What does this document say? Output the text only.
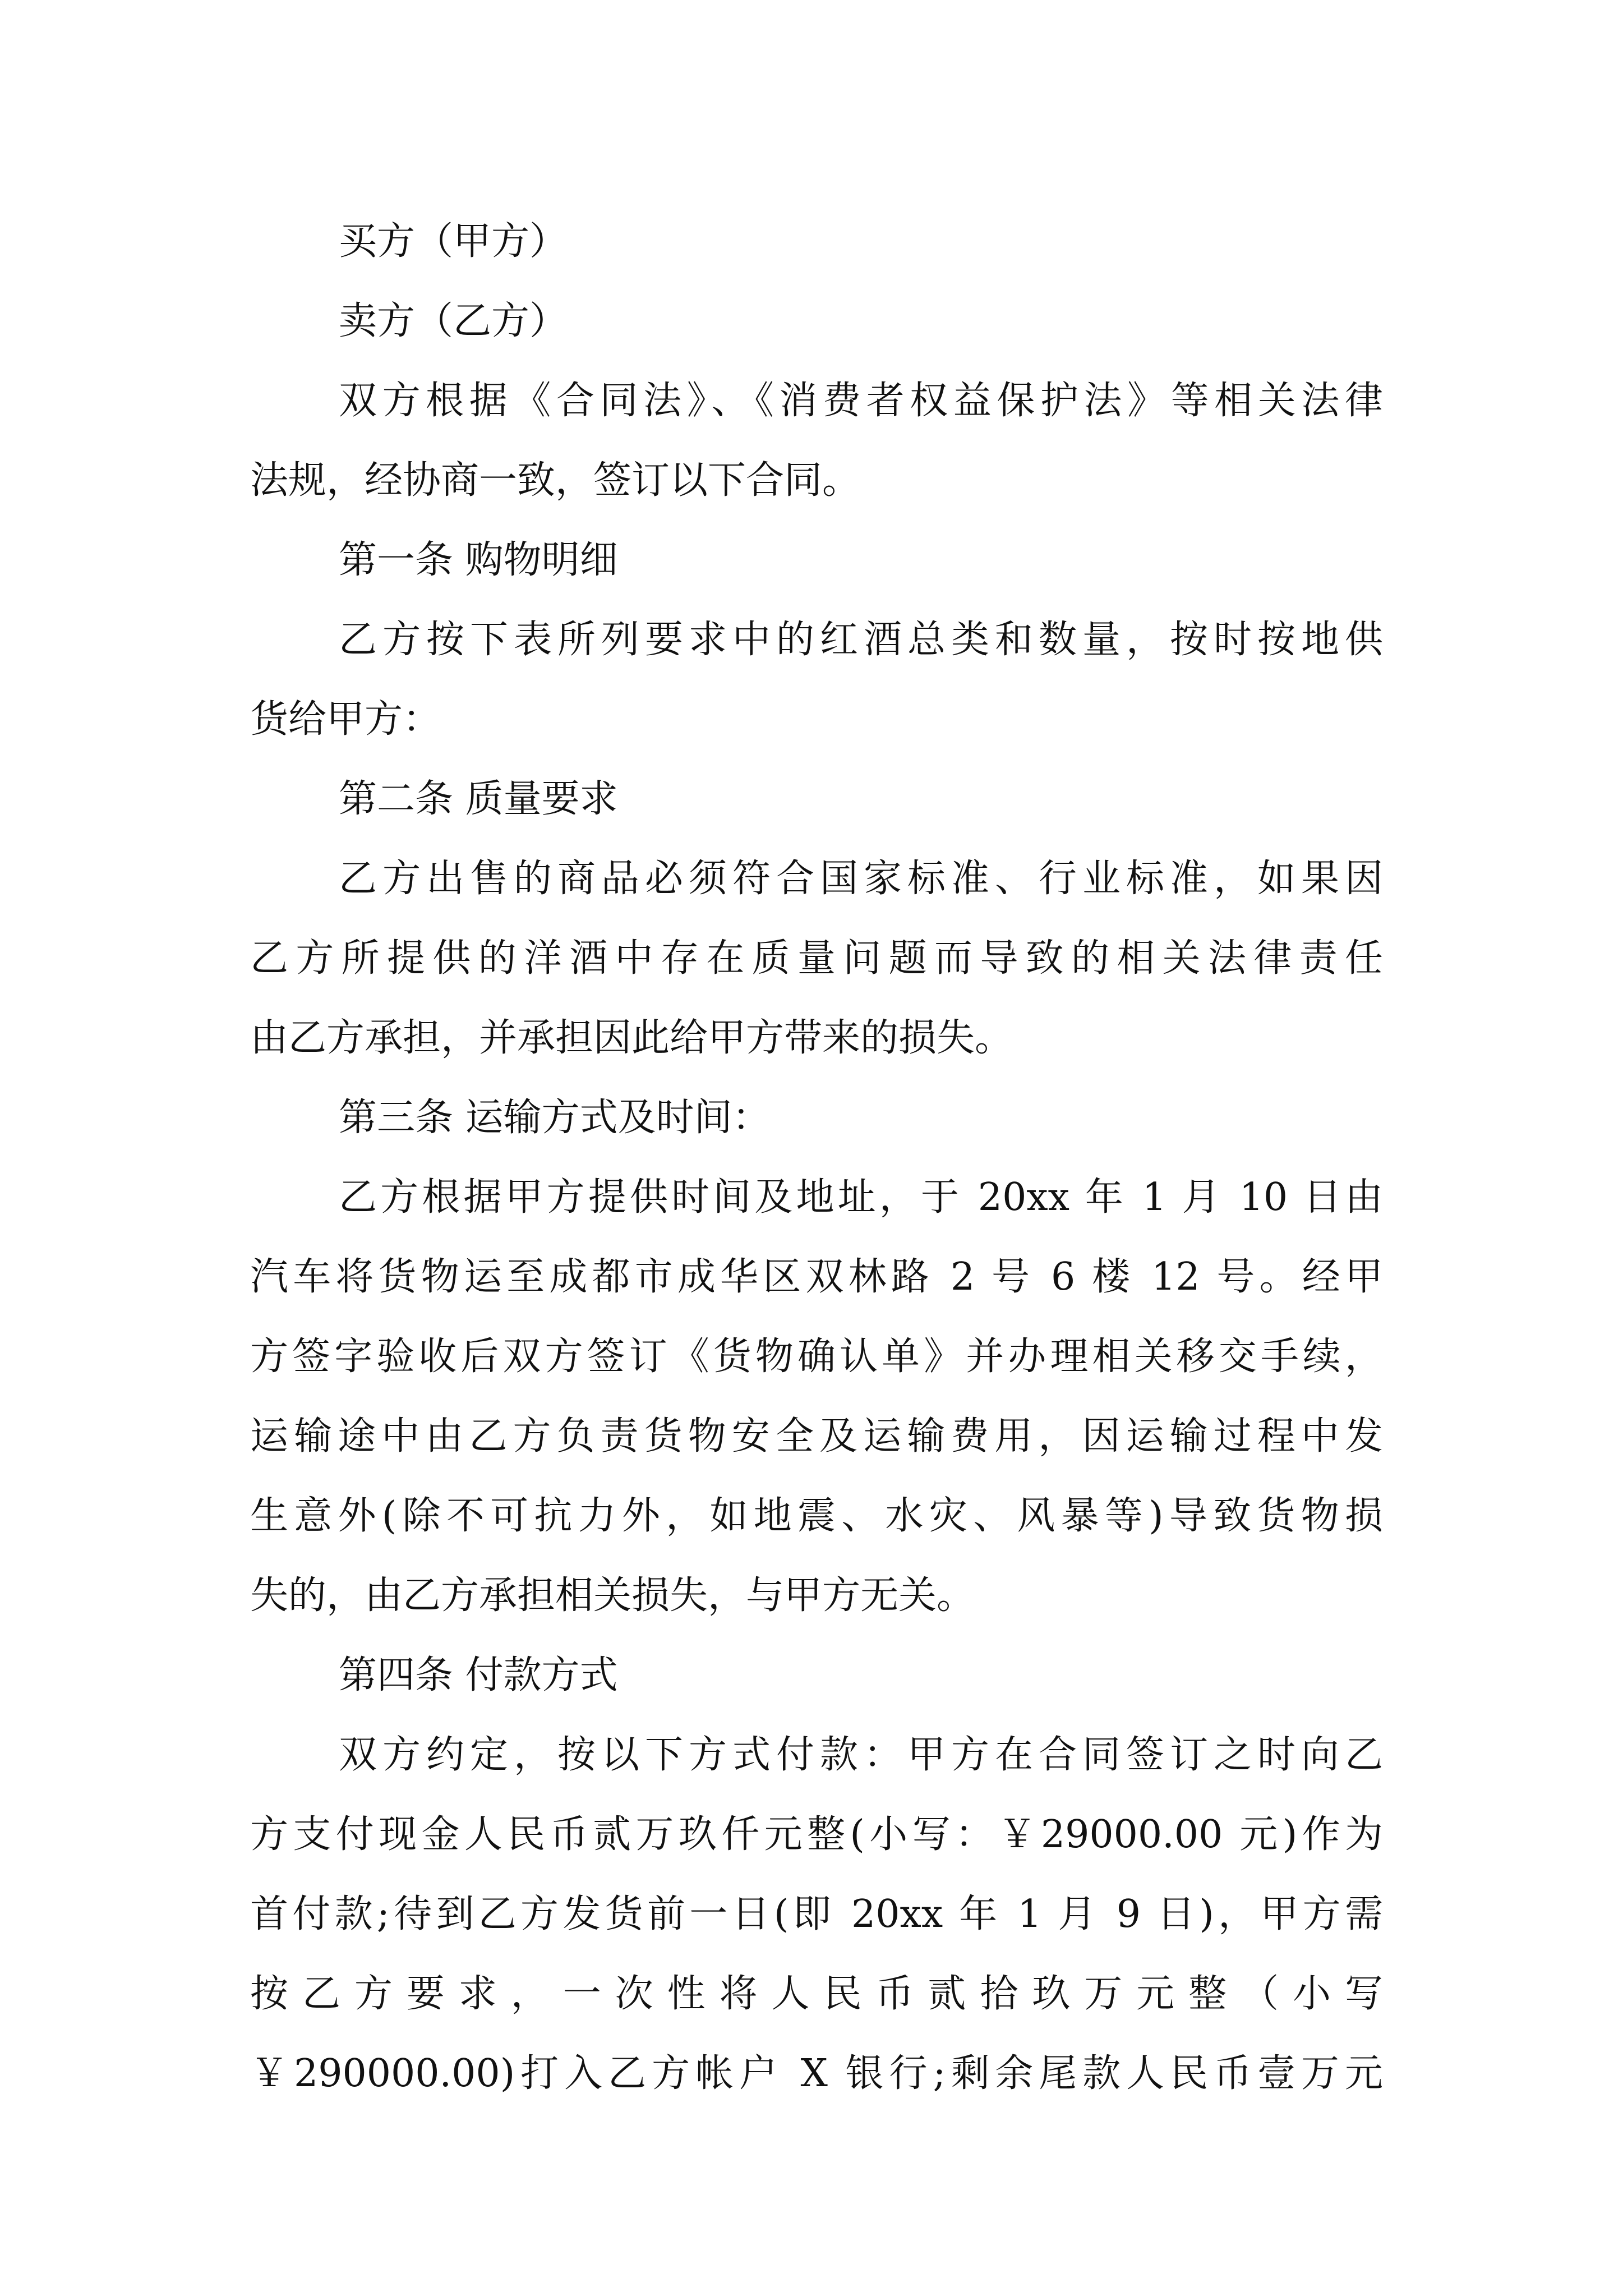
买方（甲方）
卖方（乙方）
双方根据《合同法》、《消费者权益保护法》等相关法律
法规，经协商一致，签订以下合同。
第一条 购物明细
乙方按下表所列要求中的红酒总类和数量，按时按地供
货给甲方：
第二条 质量要求
乙方出售的商品必须符合国家标准、行业标准，如果因
乙方所提供的洋酒中存在质量问题而导致的相关法律责任
由乙方承担，并承担因此给甲方带来的损失。
第三条 运输方式及时间：
乙方根据甲方提供时间及地址，于 20xx 年 1 月 10 日由
汽车将货物运至成都市成华区双林路 2 号 6 楼 12 号。经甲
方签字验收后双方签订《货物确认单》并办理相关移交手续，
运输途中由乙方负责货物安全及运输费用，因运输过程中发
生意外(除不可抗力外，如地震、水灾、风暴等)导致货物损
失的，由乙方承担相关损失，与甲方无关。
第四条 付款方式
双方约定，按以下方式付款：甲方在合同签订之时向乙
方支付现金人民币贰万玖仟元整(小写：￥29000.00 元)作为
首付款;待到乙方发货前一日(即 20xx 年 1 月 9 日)，甲方需
按 乙 方 要 求 ， 一 次 性 将 人 民 币 贰 拾 玖 万 元 整 （ 小 写
￥290000.00)打入乙方帐户 X 银行;剩余尾款人民币壹万元
